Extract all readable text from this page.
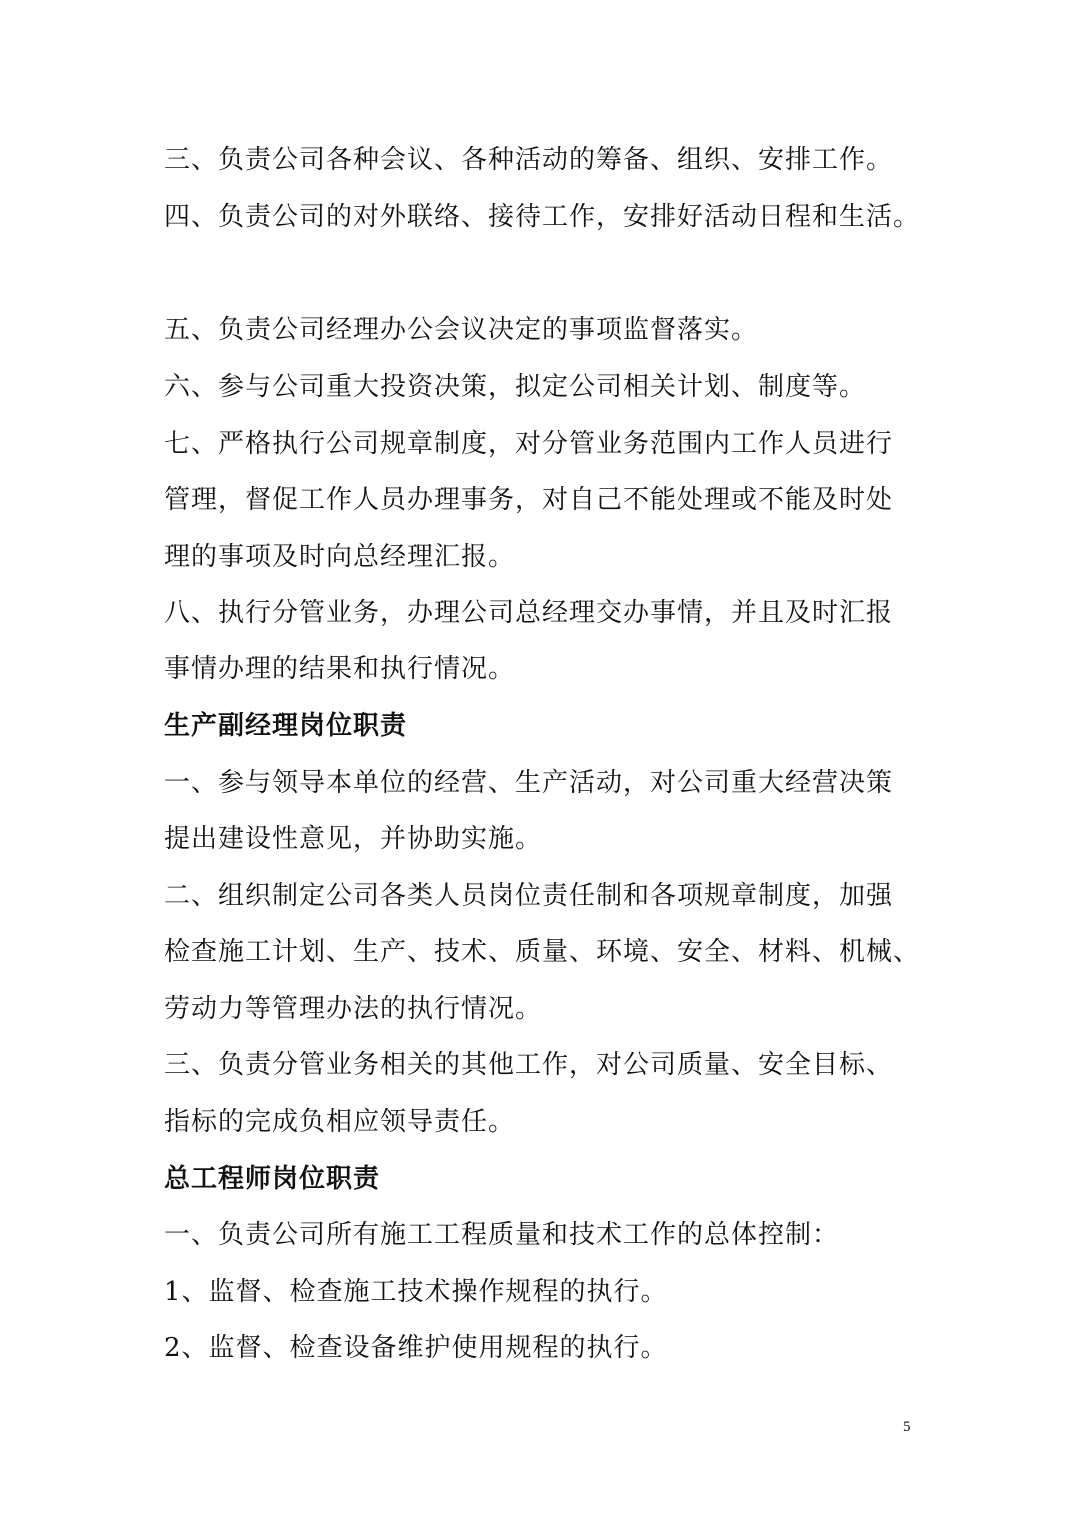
三、负责公司各种会议、各种活动的筹备、组织、安排工作。
四、负责公司的对外联络、接待工作，安排好活动日程和生活。
五、负责公司经理办公会议决定的事项监督落实。
六、参与公司重大投资决策，拟定公司相关计划、制度等。
七、严格执行公司规章制度，对分管业务范围内工作人员进行
管理，督促工作人员办理事务，对自己不能处理或不能及时处
理的事项及时向总经理汇报。
八、执行分管业务，办理公司总经理交办事情，并且及时汇报
事情办理的结果和执行情况。
生产副经理岗位职责
一、参与领导本单位的经营、生产活动，对公司重大经营决策
提出建设性意见，并协助实施。
二、组织制定公司各类人员岗位责任制和各项规章制度，加强
检查施工计划、生产、技术、质量、环境、安全、材料、机械、
劳动力等管理办法的执行情况。
三、负责分管业务相关的其他工作，对公司质量、安全目标、
指标的完成负相应领导责任。
总工程师岗位职责
一、负责公司所有施工工程质量和技术工作的总体控制：
1、监督、检查施工技术操作规程的执行。
2、监督、检查设备维护使用规程的执行。
5
